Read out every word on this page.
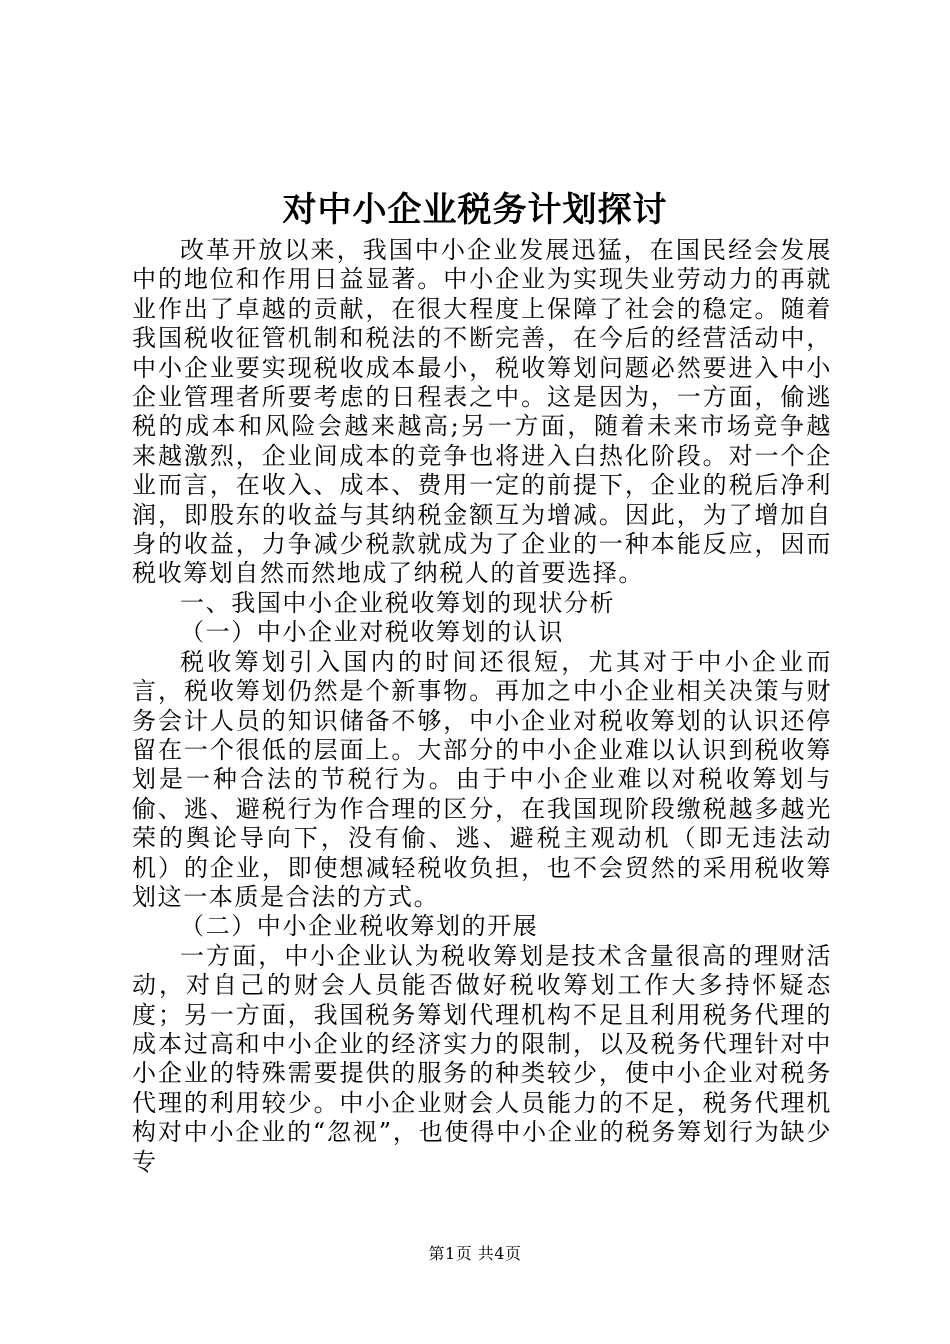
对中小企业税务计划探讨

改革开放以来，我国中小企业发展迅猛，在国民经会发展中的地位和作用日益显著。中小企业为实现失业劳动力的再就业作出了卓越的贡献，在很大程度上保障了社会的稳定。随着我国税收征管机制和税法的不断完善，在今后的经营活动中，中小企业要实现税收成本最小，税收筹划问题必然要进入中小企业管理者所要考虑的日程表之中。这是因为，一方面，偷逃税的成本和风险会越来越高;另一方面，随着未来市场竞争越来越激烈，企业间成本的竞争也将进入白热化阶段。对一个企业而言，在收入、成本、费用一定的前提下，企业的税后净利润，即股东的收益与其纳税金额互为增减。因此，为了增加自身的收益，力争减少税款就成为了企业的一种本能反应，因而税收筹划自然而然地成了纳税人的首要选择。

一、我国中小企业税收筹划的现状分析

（一）中小企业对税收筹划的认识

税收筹划引入国内的时间还很短，尤其对于中小企业而言，税收筹划仍然是个新事物。再加之中小企业相关决策与财务会计人员的知识储备不够，中小企业对税收筹划的认识还停留在一个很低的层面上。大部分的中小企业难以认识到税收筹划是一种合法的节税行为。由于中小企业难以对税收筹划与偷、逃、避税行为作合理的区分，在我国现阶段缴税越多越光荣的舆论导向下，没有偷、逃、避税主观动机（即无违法动机）的企业，即使想减轻税收负担，也不会贸然的采用税收筹划这一本质是合法的方式。

（二）中小企业税收筹划的开展

一方面，中小企业认为税收筹划是技术含量很高的理财活动，对自己的财会人员能否做好税收筹划工作大多持怀疑态度；另一方面，我国税务筹划代理机构不足且利用税务代理的成本过高和中小企业的经济实力的限制，以及税务代理针对中小企业的特殊需要提供的服务的种类较少，使中小企业对税务代理的利用较少。中小企业财会人员能力的不足，税务代理机构对中小企业的“忽视”，也使得中小企业的税务筹划行为缺少专

第1页 共4页
